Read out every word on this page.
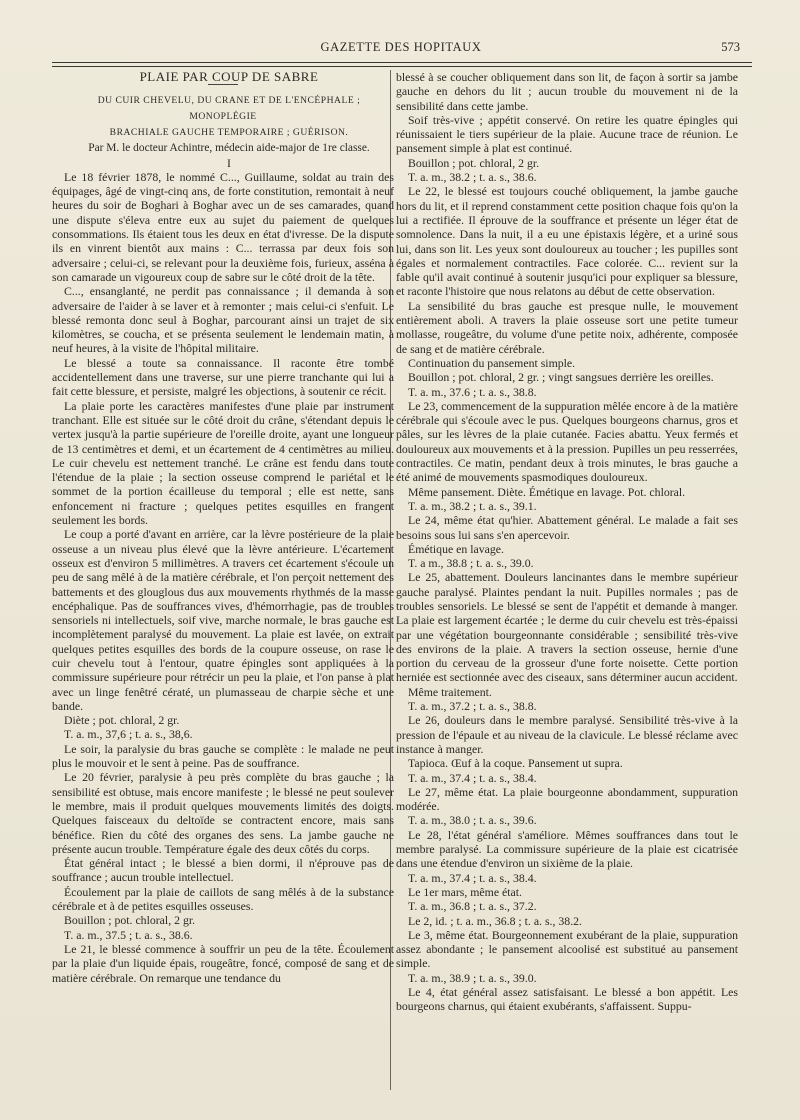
GAZETTE DES HOPITAUX	573

PLAIE PAR COUP DE SABRE

DU CUIR CHEVELU, DU CRANE ET DE L'ENCÉPHALE ; MONOPLÉGIE

BRACHIALE GAUCHE TEMPORAIRE ; GUÉRISON.

Par M. le docteur Achintre, médecin aide-major de 1re classe.

I

Le 18 février 1878, le nommé C..., Guillaume, soldat au train des équipages, âgé de vingt-cinq ans, de forte constitution, remontait à neuf heures du soir de Boghari à Boghar avec un de ses camarades, quand une dispute s'éleva entre eux au sujet du paiement de quelques consommations. Ils étaient tous les deux en état d'ivresse. De la dispute ils en vinrent bientôt aux mains : C... terrassa par deux fois son adversaire ; celui-ci, se relevant pour la deuxième fois, furieux, asséna à son camarade un vigoureux coup de sabre sur le côté droit de la tête.

C..., ensanglanté, ne perdit pas connaissance ; il demanda à son adversaire de l'aider à se laver et à remonter ; mais celui-ci s'enfuit. Le blessé remonta donc seul à Boghar, parcourant ainsi un trajet de six kilomètres, se coucha, et se présenta seulement le lendemain matin, à neuf heures, à la visite de l'hôpital militaire.

Le blessé a toute sa connaissance. Il raconte être tombé accidentellement dans une traverse, sur une pierre tranchante qui lui a fait cette blessure, et persiste, malgré les objections, à soutenir ce récit.

La plaie porte les caractères manifestes d'une plaie par instrument tranchant. Elle est située sur le côté droit du crâne, s'étendant depuis le vertex jusqu'à la partie supérieure de l'oreille droite, ayant une longueur de 13 centimètres et demi, et un écartement de 4 centimètres au milieu. Le cuir chevelu est nettement tranché. Le crâne est fendu dans toute l'étendue de la plaie ; la section osseuse comprend le pariétal et le sommet de la portion écailleuse du temporal ; elle est nette, sans enfoncement ni fracture ; quelques petites esquilles en frangent seulement les bords.

Le coup a porté d'avant en arrière, car la lèvre postérieure de la plaie osseuse a un niveau plus élevé que la lèvre antérieure. L'écartement osseux est d'environ 5 millimètres. A travers cet écartement s'écoule un peu de sang mêlé à de la matière cérébrale, et l'on perçoit nettement des battements et des glouglous dus aux mouvements rhythmés de la masse encéphalique. Pas de souffrances vives, d'hémorrhagie, pas de troubles sensoriels ni intellectuels, soif vive, marche normale, le bras gauche est incomplètement paralysé du mouvement. La plaie est lavée, on extrait quelques petites esquilles des bords de la coupure osseuse, on rase le cuir chevelu tout à l'entour, quatre épingles sont appliquées à la commissure supérieure pour rétrécir un peu la plaie, et l'on panse à plat avec un linge fenêtré cératé, un plumasseau de charpie sèche et une bande.

Diète ; pot. chloral, 2 gr.

T. a. m., 37,6 ; t. a. s., 38,6.

Le soir, la paralysie du bras gauche se complète : le malade ne peut plus le mouvoir et le sent à peine. Pas de souffrance.

Le 20 février, paralysie à peu près complète du bras gauche ; la sensibilité est obtuse, mais encore manifeste ; le blessé ne peut soulever le membre, mais il produit quelques mouvements limités des doigts. Quelques faisceaux du deltoïde se contractent encore, mais sans bénéfice. Rien du côté des organes des sens. La jambe gauche ne présente aucun trouble. Température égale des deux côtés du corps.

État général intact ; le blessé a bien dormi, il n'éprouve pas de souffrance ; aucun trouble intellectuel.

Écoulement par la plaie de caillots de sang mêlés à de la substance cérébrale et à de petites esquilles osseuses.

Bouillon ; pot. chloral, 2 gr.

T. a. m., 37.5 ; t. a. s., 38.6.

Le 21, le blessé commence à souffrir un peu de la tête. Écoulement par la plaie d'un liquide épais, rougeâtre, foncé, composé de sang et de matière cérébrale. On remarque une tendance du

blessé à se coucher obliquement dans son lit, de façon à sortir sa jambe gauche en dehors du lit ; aucun trouble du mouvement ni de la sensibilité dans cette jambe.

Soif très-vive ; appétit conservé. On retire les quatre épingles qui réunissaient le tiers supérieur de la plaie. Aucune trace de réunion. Le pansement simple à plat est continué.

Bouillon ; pot. chloral, 2 gr.

T. a. m., 38.2 ; t. a. s., 38.6.

Le 22, le blessé est toujours couché obliquement, la jambe gauche hors du lit, et il reprend constamment cette position chaque fois qu'on la lui a rectifiée. Il éprouve de la souffrance et présente un léger état de somnolence. Dans la nuit, il a eu une épistaxis légère, et a uriné sous lui, dans son lit. Les yeux sont douloureux au toucher ; les pupilles sont égales et normalement contractiles. Face colorée. C... revient sur la fable qu'il avait continué à soutenir jusqu'ici pour expliquer sa blessure, et raconte l'histoire que nous relatons au début de cette observation.

La sensibilité du bras gauche est presque nulle, le mouvement entièrement aboli. A travers la plaie osseuse sort une petite tumeur mollasse, rougeâtre, du volume d'une petite noix, adhérente, composée de sang et de matière cérébrale.

Continuation du pansement simple.

Bouillon ; pot. chloral, 2 gr. ; vingt sangsues derrière les oreilles.

T. a. m., 37.6 ; t. a. s., 38.8.

Le 23, commencement de la suppuration mêlée encore à de la matière cérébrale qui s'écoule avec le pus. Quelques bourgeons charnus, gros et pâles, sur les lèvres de la plaie cutanée. Facies abattu. Yeux fermés et douloureux aux mouvements et à la pression. Pupilles un peu resserrées, contractiles. Ce matin, pendant deux à trois minutes, le bras gauche a été animé de mouvements spasmodiques douloureux.

Même pansement. Diète. Émétique en lavage. Pot. chloral.

T. a. m., 38.2 ; t. a. s., 39.1.

Le 24, même état qu'hier. Abattement général. Le malade a fait ses besoins sous lui sans s'en apercevoir.

Émétique en lavage.

T. a m., 38.8 ; t. a. s., 39.0.

Le 25, abattement. Douleurs lancinantes dans le membre supérieur gauche paralysé. Plaintes pendant la nuit. Pupilles normales ; pas de troubles sensoriels. Le blessé se sent de l'appétit et demande à manger. La plaie est largement écartée ; le derme du cuir chevelu est très-épaissi par une végétation bourgeonnante considérable ; sensibilité très-vive des environs de la plaie. A travers la section osseuse, hernie d'une portion du cerveau de la grosseur d'une forte noisette. Cette portion herniée est sectionnée avec des ciseaux, sans déterminer aucun accident.

Même traitement.

T. a. m., 37.2 ; t. a. s., 38.8.

Le 26, douleurs dans le membre paralysé. Sensibilité très-vive à la pression de l'épaule et au niveau de la clavicule. Le blessé réclame avec instance à manger.

Tapioca. Œuf à la coque. Pansement ut supra.

T. a. m., 37.4 ; t. a. s., 38.4.

Le 27, même état. La plaie bourgeonne abondamment, suppuration modérée.

T. a. m., 38.0 ; t. a. s., 39.6.

Le 28, l'état général s'améliore. Mêmes souffrances dans tout le membre paralysé. La commissure supérieure de la plaie est cicatrisée dans une étendue d'environ un sixième de la plaie.

T. a. m., 37.4 ; t. a. s., 38.4.

Le 1er mars, même état.

T. a. m., 36.8 ; t. a. s., 37.2.

Le 2, id. ; t. a. m., 36.8 ; t. a. s., 38.2.

Le 3, même état. Bourgeonnement exubérant de la plaie, suppuration assez abondante ; le pansement alcoolisé est substitué au pansement simple.

T. a. m., 38.9 ; t. a. s., 39.0.

Le 4, état général assez satisfaisant. Le blessé a bon appétit. Les bourgeons charnus, qui étaient exubérants, s'affaissent. Suppu-
